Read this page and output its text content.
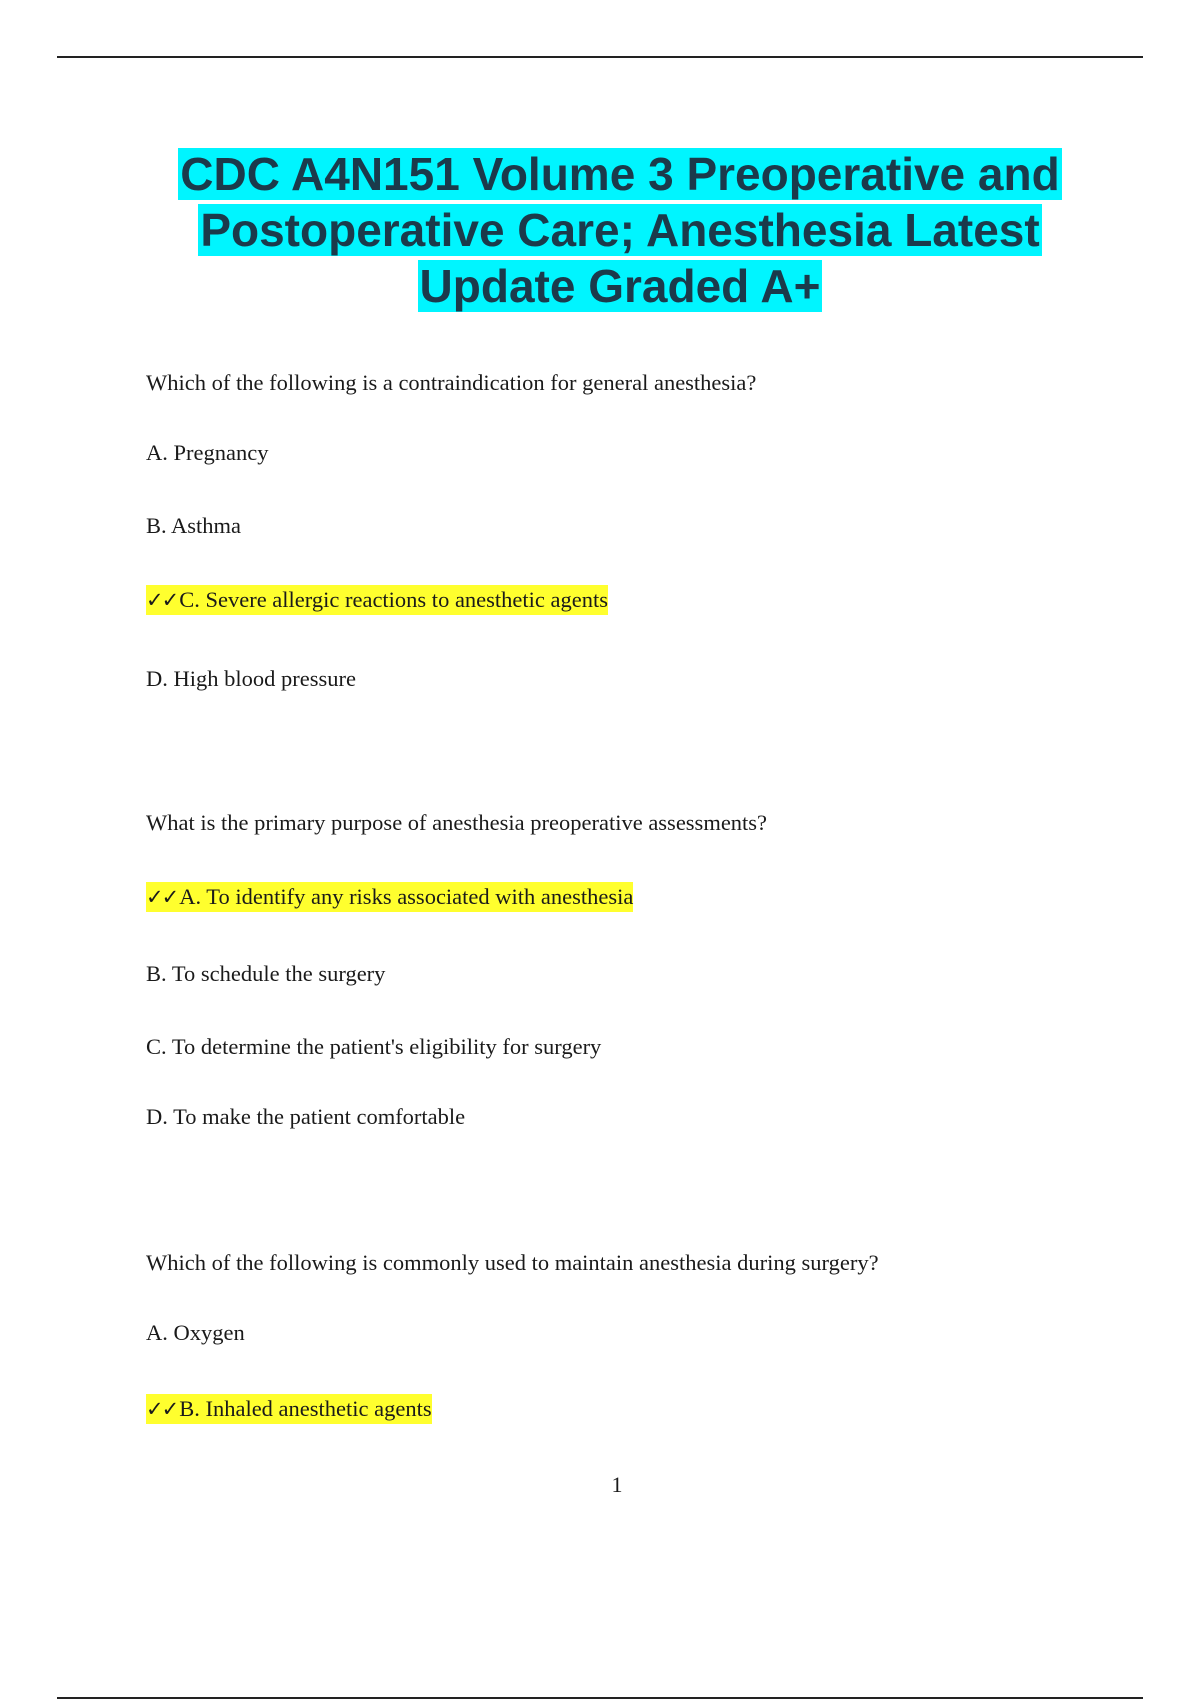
CDC A4N151 Volume 3 Preoperative and
Postoperative Care; Anesthesia Latest
Update Graded A+
Which of the following is a contraindication for general anesthesia?
A. Pregnancy
B. Asthma
✓✓C. Severe allergic reactions to anesthetic agents
D. High blood pressure
What is the primary purpose of anesthesia preoperative assessments?
✓✓A. To identify any risks associated with anesthesia
B. To schedule the surgery
C. To determine the patient's eligibility for surgery
D. To make the patient comfortable
Which of the following is commonly used to maintain anesthesia during surgery?
A. Oxygen
✓✓B. Inhaled anesthetic agents
1
